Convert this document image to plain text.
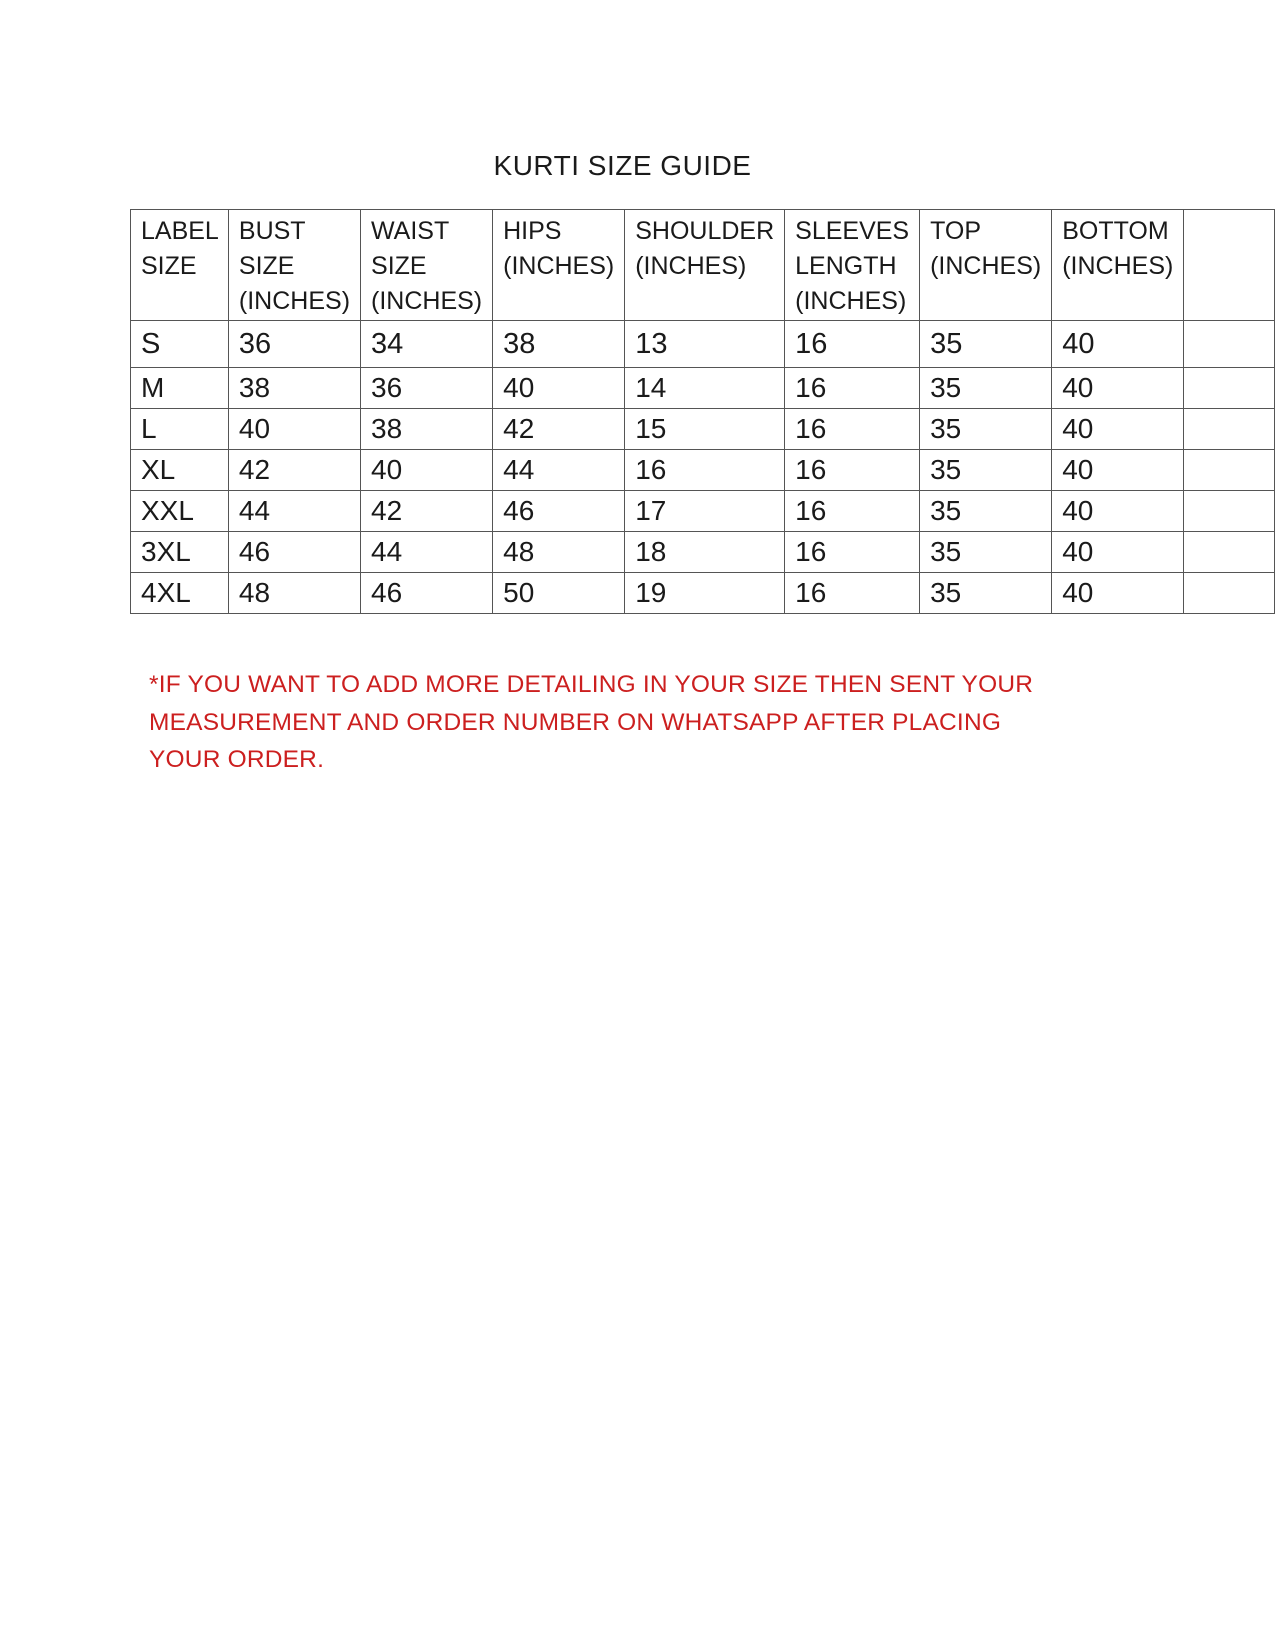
KURTI SIZE GUIDE
LABEL SIZE	BUST SIZE (INCHES)	WAIST SIZE (INCHES)	HIPS (INCHES)	SHOULDER (INCHES)	SLEEVES LENGTH (INCHES)	TOP (INCHES)	BOTTOM (INCHES)	
S	36	34	38	13	16	35	40	
M	38	36	40	14	16	35	40	
L	40	38	42	15	16	35	40	
XL	42	40	44	16	16	35	40	
XXL	44	42	46	17	16	35	40	
3XL	46	44	48	18	16	35	40	
4XL	48	46	50	19	16	35	40	
*IF YOU WANT TO ADD MORE DETAILING IN YOUR SIZE THEN SENT YOUR MEASUREMENT AND ORDER NUMBER ON WHATSAPP AFTER PLACING YOUR ORDER.
